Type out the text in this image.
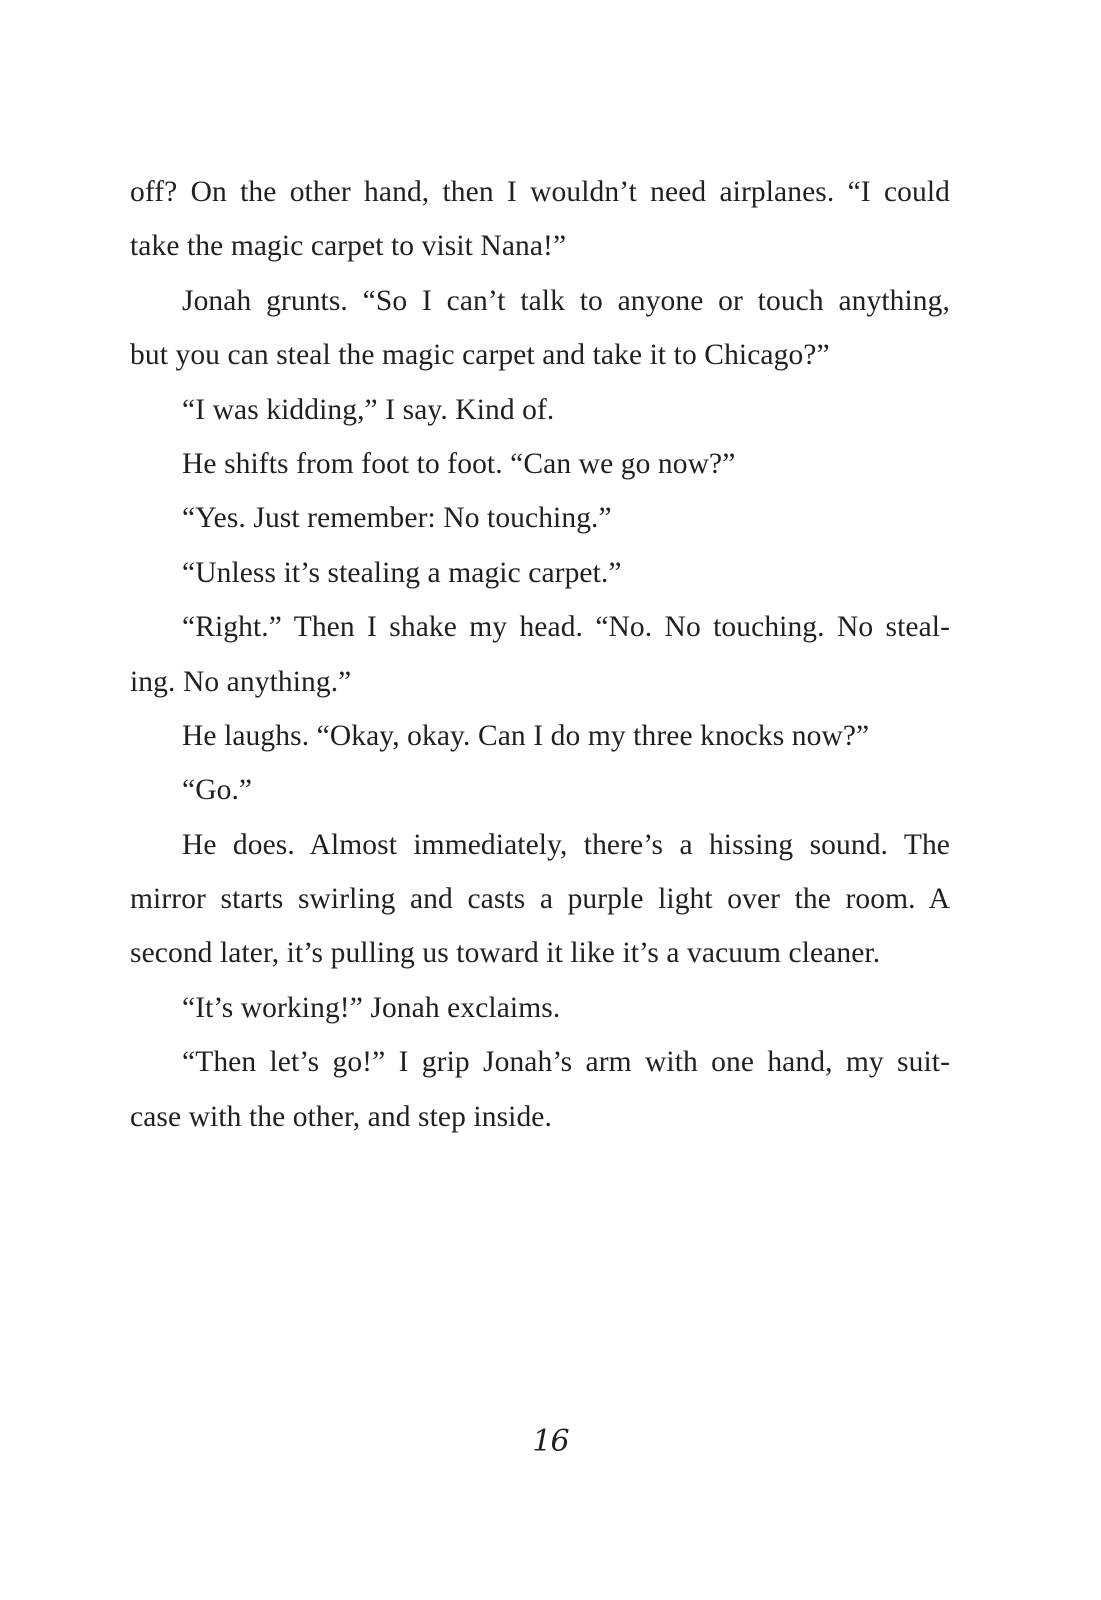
off? On the other hand, then I wouldn’t need airplanes. “I could
take the magic carpet to visit Nana!”
Jonah grunts. “So I can’t talk to anyone or touch anything,
but you can steal the magic carpet and take it to Chicago?”
“I was kidding,” I say. Kind of.
He shifts from foot to foot. “Can we go now?”
“Yes. Just remember: No touching.”
“Unless it’s stealing a magic carpet.”
“Right.” Then I shake my head. “No. No touching. No steal-
ing. No anything.”
He laughs. “Okay, okay. Can I do my three knocks now?”
“Go.”
He does. Almost immediately, there’s a hissing sound. The
mirror starts swirling and casts a purple light over the room. A
second later, it’s pulling us toward it like it’s a vacuum cleaner.
“It’s working!” Jonah exclaims.
“Then let’s go!” I grip Jonah’s arm with one hand, my suit-
case with the other, and step inside.
16
